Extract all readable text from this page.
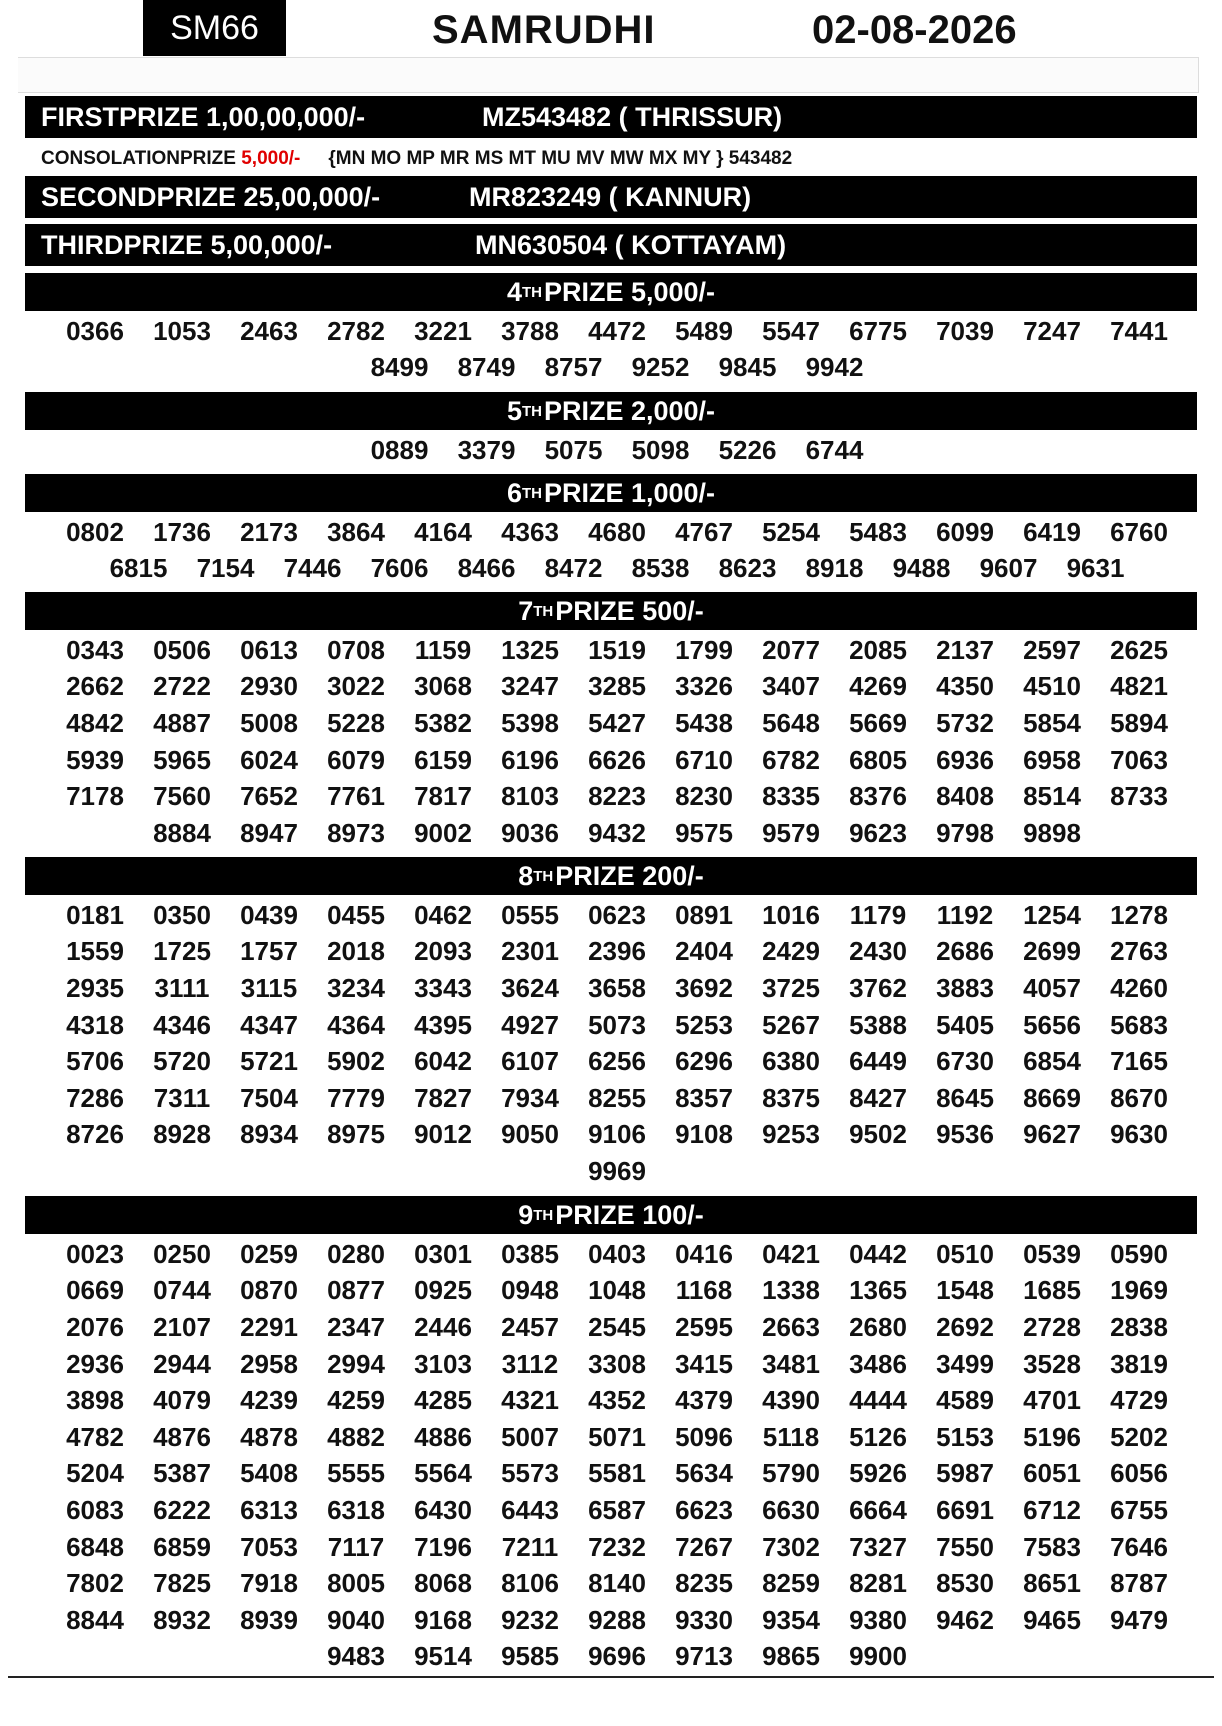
SM66	SAMRUDHI	02-08-2026
FIRSTPRIZE
1,00,00,000/-	MZ543482 ( THRISSUR)
CONSOLATIONPRIZE
5,000/- {MN MO MP MR MS MT MU MV MW MX MY } 543482
SECONDPRIZE
25,00,000/-	MR823249 ( KANNUR)
THIRDPRIZE
5,00,000/-	MN630504 ( KOTTAYAM)
4 TH PRIZE 5,000/-
0366	1053	2463	2782	3221	3788	4472	5489	5547	6775	7039	7247	7441
8499	8749	8757	9252	9845	9942
5 TH PRIZE 2,000/-
0889	3379	5075	5098	5226	6744
6 TH PRIZE 1,000/-
0802	1736	2173	3864	4164	4363	4680	4767	5254	5483	6099	6419	6760
6815	7154	7446	7606	8466	8472	8538	8623	8918	9488	9607	9631
7 TH PRIZE 500/-
0343	0506	0613	0708	1159	1325	1519	1799	2077	2085	2137	2597	2625
2662	2722	2930	3022	3068	3247	3285	3326	3407	4269	4350	4510	4821
4842	4887	5008	5228	5382	5398	5427	5438	5648	5669	5732	5854	5894
5939	5965	6024	6079	6159	6196	6626	6710	6782	6805	6936	6958	7063
7178	7560	7652	7761	7817	8103	8223	8230	8335	8376	8408	8514	8733
8884	8947	8973	9002	9036	9432	9575	9579	9623	9798	9898
8 TH PRIZE 200/-
0181	0350	0439	0455	0462	0555	0623	0891	1016	1179	1192	1254	1278
1559	1725	1757	2018	2093	2301	2396	2404	2429	2430	2686	2699	2763
2935	3111	3115	3234	3343	3624	3658	3692	3725	3762	3883	4057	4260
4318	4346	4347	4364	4395	4927	5073	5253	5267	5388	5405	5656	5683
5706	5720	5721	5902	6042	6107	6256	6296	6380	6449	6730	6854	7165
7286	7311	7504	7779	7827	7934	8255	8357	8375	8427	8645	8669	8670
8726	8928	8934	8975	9012	9050	9106	9108	9253	9502	9536	9627	9630
9969
9 TH PRIZE 100/-
0023	0250	0259	0280	0301	0385	0403	0416	0421	0442	0510	0539	0590
0669	0744	0870	0877	0925	0948	1048	1168	1338	1365	1548	1685	1969
2076	2107	2291	2347	2446	2457	2545	2595	2663	2680	2692	2728	2838
2936	2944	2958	2994	3103	3112	3308	3415	3481	3486	3499	3528	3819
3898	4079	4239	4259	4285	4321	4352	4379	4390	4444	4589	4701	4729
4782	4876	4878	4882	4886	5007	5071	5096	5118	5126	5153	5196	5202
5204	5387	5408	5555	5564	5573	5581	5634	5790	5926	5987	6051	6056
6083	6222	6313	6318	6430	6443	6587	6623	6630	6664	6691	6712	6755
6848	6859	7053	7117	7196	7211	7232	7267	7302	7327	7550	7583	7646
7802	7825	7918	8005	8068	8106	8140	8235	8259	8281	8530	8651	8787
8844	8932	8939	9040	9168	9232	9288	9330	9354	9380	9462	9465	9479
9483	9514	9585	9696	9713	9865	9900
